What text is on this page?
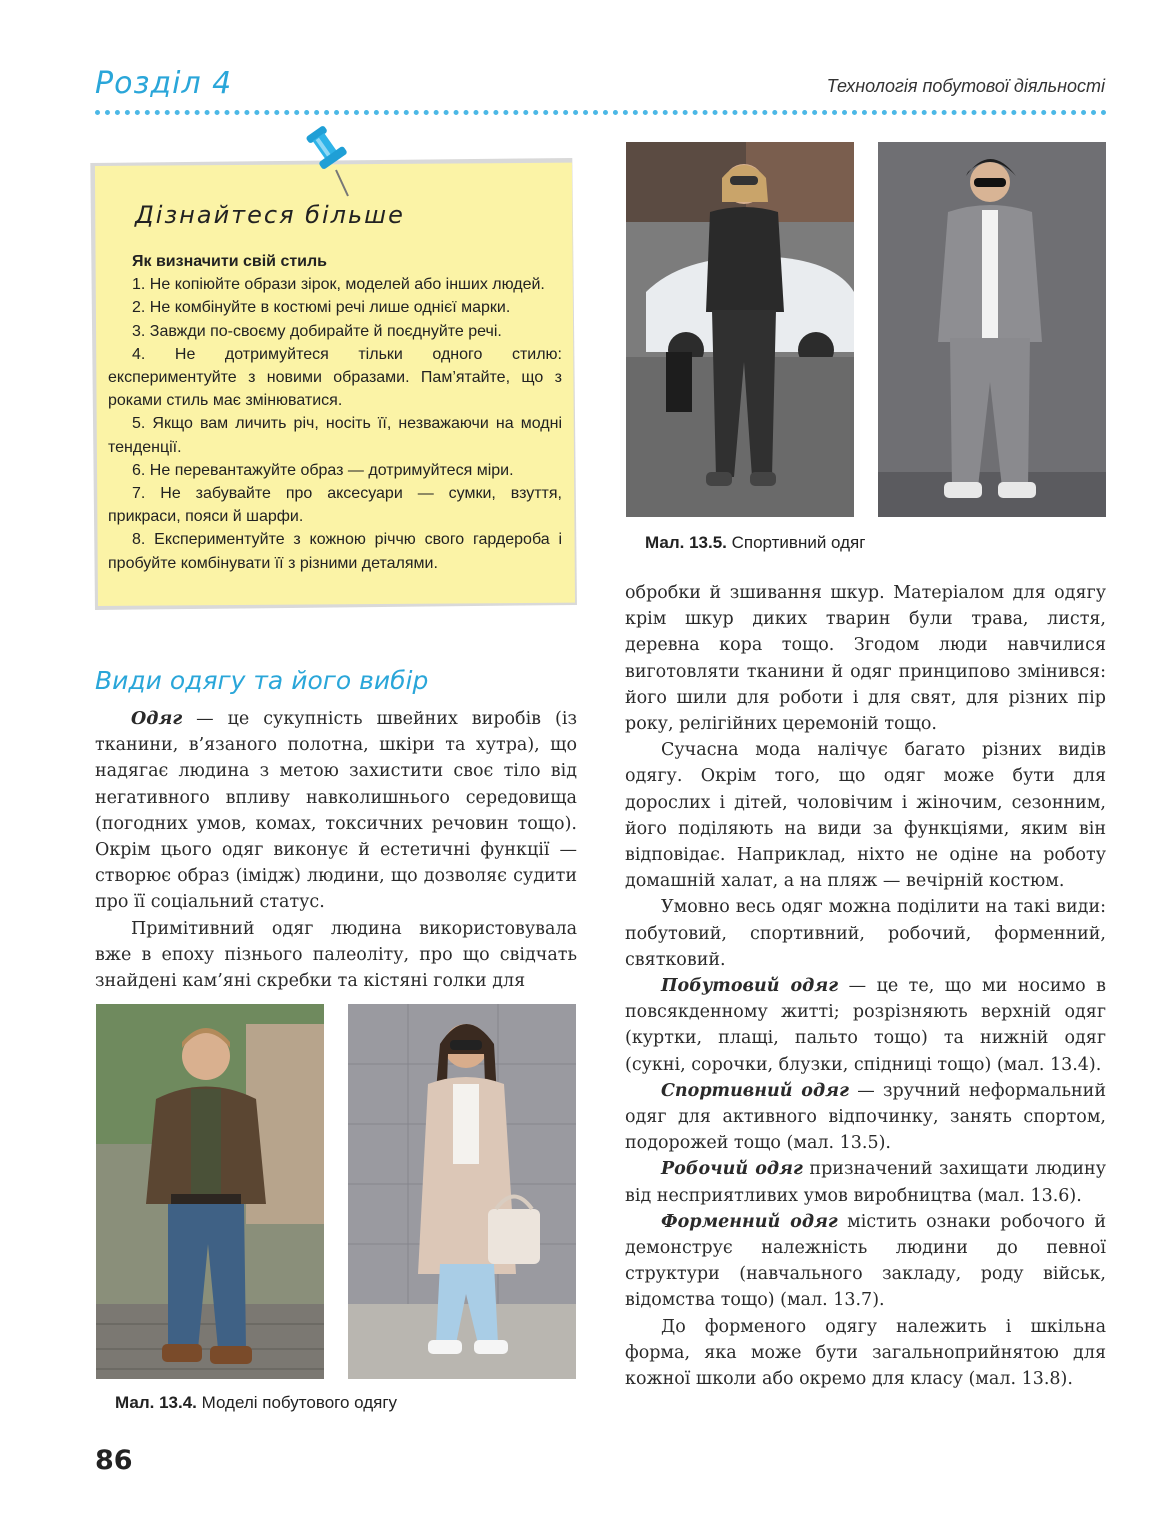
Розділ 4	Технологія побутової діяльності
Дізнайтеся більше
Як визначити свій стиль
1. Не копіюйте образи зірок, моделей або інших людей.
2. Не комбінуйте в костюмі речі лише однієї марки.
3. Завжди по-своєму добирайте й поєднуйте речі.
4. Не дотримуйтеся тільки одного стилю: експериментуйте з новими образами. Пам’ятайте, що з роками стиль має змінюватися.
5. Якщо вам личить річ, носіть її, незважаючи на модні тенденції.
6. Не перевантажуйте образ — дотримуйтеся міри.
7. Не забувайте про аксесуари — сумки, взуття, прикраси, пояси й шарфи.
8. Експериментуйте з кожною річчю свого гардероба і пробуйте комбінувати її з різними деталями.
Види одягу та його вибір

Одяг — це сукупність швейних виробів (із тканини, в’язаного полотна, шкіри та хутра), що надягає людина з метою захистити своє тіло від негативного впливу навколишнього середовища (погодних умов, комах, токсичних речовин тощо). Окрім цього одяг виконує й естетичні функції — створює образ (імідж) людини, що дозволяє судити про її соціальний статус.

Примітивний одяг людина використовувала вже в епоху пізнього палеоліту, про що свідчать знайдені кам’яні скребки та кістяні голки для

Мал. 13.4. Моделі побутового одягу
Мал. 13.5. Спортивний одяг

обробки й зшивання шкур. Матеріалом для одягу крім шкур диких тварин були трава, листя, деревна кора тощо. Згодом люди навчилися виготовляти тканини й одяг принципово змінився: його шили для роботи і для свят, для різних пір року, релігійних церемоній тощо.

Сучасна мода налічує багато різних видів одягу. Окрім того, що одяг може бути для дорослих і дітей, чоловічим і жіночим, сезонним, його поділяють на види за функціями, яким він відповідає. Наприклад, ніхто не одіне на роботу домашній халат, а на пляж — вечірній костюм.

Умовно весь одяг можна поділити на такі види: побутовий, спортивний, робочий, форменний, святковий.

Побутовий одяг — це те, що ми носимо в повсякденному житті; розрізняють верхній одяг (куртки, плащі, пальто тощо) та нижній одяг (сукні, сорочки, блузки, спідниці тощо) (мал. 13.4).

Спортивний одяг — зручний неформальний одяг для активного відпочинку, занять спортом, подорожей тощо (мал. 13.5).

Робочий одяг призначений захищати людину від несприятливих умов виробництва (мал. 13.6).

Форменний одяг містить ознаки робочого й демонструє належність людини до певної структури (навчального закладу, роду військ, відомства тощо) (мал. 13.7).

До форменого одягу належить і шкільна форма, яка може бути загальноприйнятою для кожної школи або окремо для класу (мал. 13.8).

86
